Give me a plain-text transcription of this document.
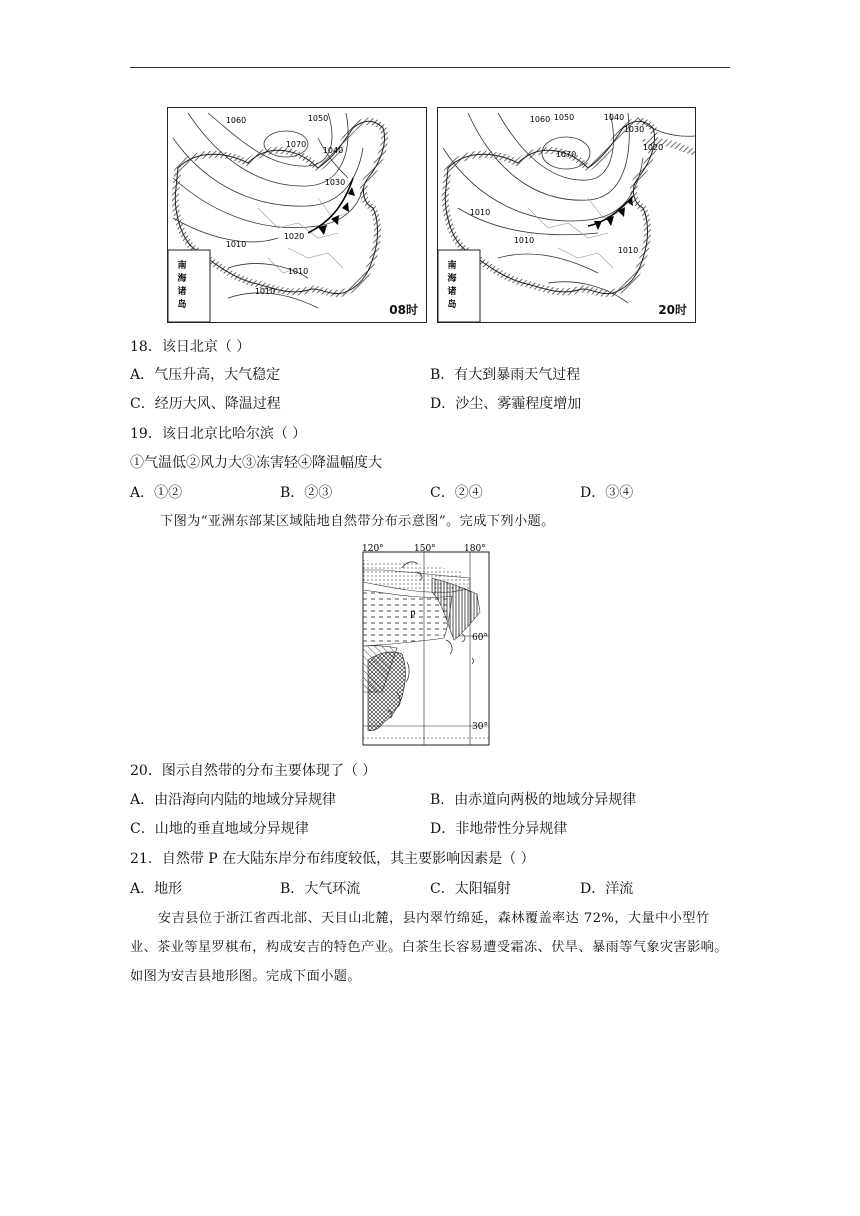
1060	1050
1070
1040
1030
1020
1010
1010
1010
南
海
诸
岛	08时
1060 1050	1040
1030
1070
1020
1010
1010
1010
南
海
诸
岛	20时
18．该日北京（ ）
A．气压升高，大气稳定	B．有大到暴雨天气过程
C．经历大风、降温过程	D．沙尘、雾霾程度增加
19．该日北京比哈尔滨（ ）
①气温低②风力大③冻害轻④降温幅度大
A．①②	B．②③	C．②④	D．③④
下图为“亚洲东部某区域陆地自然带分布示意图”。完成下列小题。
120°	150°	180°
60°
30°
P
20．图示自然带的分布主要体现了（ ）
A．由沿海向内陆的地域分异规律	B．由赤道向两极的地域分异规律
C．山地的垂直地域分异规律	D．非地带性分异规律
21．自然带 P 在大陆东岸分布纬度较低，其主要影响因素是（ ）
A．地形	B．大气环流	C．太阳辐射	D．洋流
安吉县位于浙江省西北部、天目山北麓，县内翠竹绵延，森林覆盖率达 72%，大量中小型竹业、茶业等星罗棋布，构成安吉的特色产业。白茶生长容易遭受霜冻、伏旱、暴雨等气象灾害影响。如图为安吉县地形图。完成下面小题。
